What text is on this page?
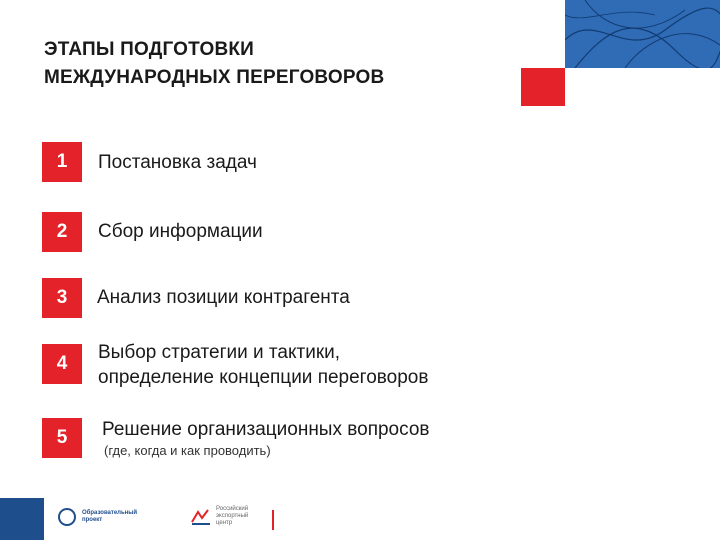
ЭТАПЫ ПОДГОТОВКИ
МЕЖДУНАРОДНЫХ ПЕРЕГОВОРОВ
1	Постановка задач
2	Сбор информации
3	Анализ позиции контрагента
4
Выбор стратегии и тактики,
определение концепции переговоров
5	Решение организационных вопросов
(где, когда и как проводить)
Образовательный
проект
Российский
экспортный
центр
